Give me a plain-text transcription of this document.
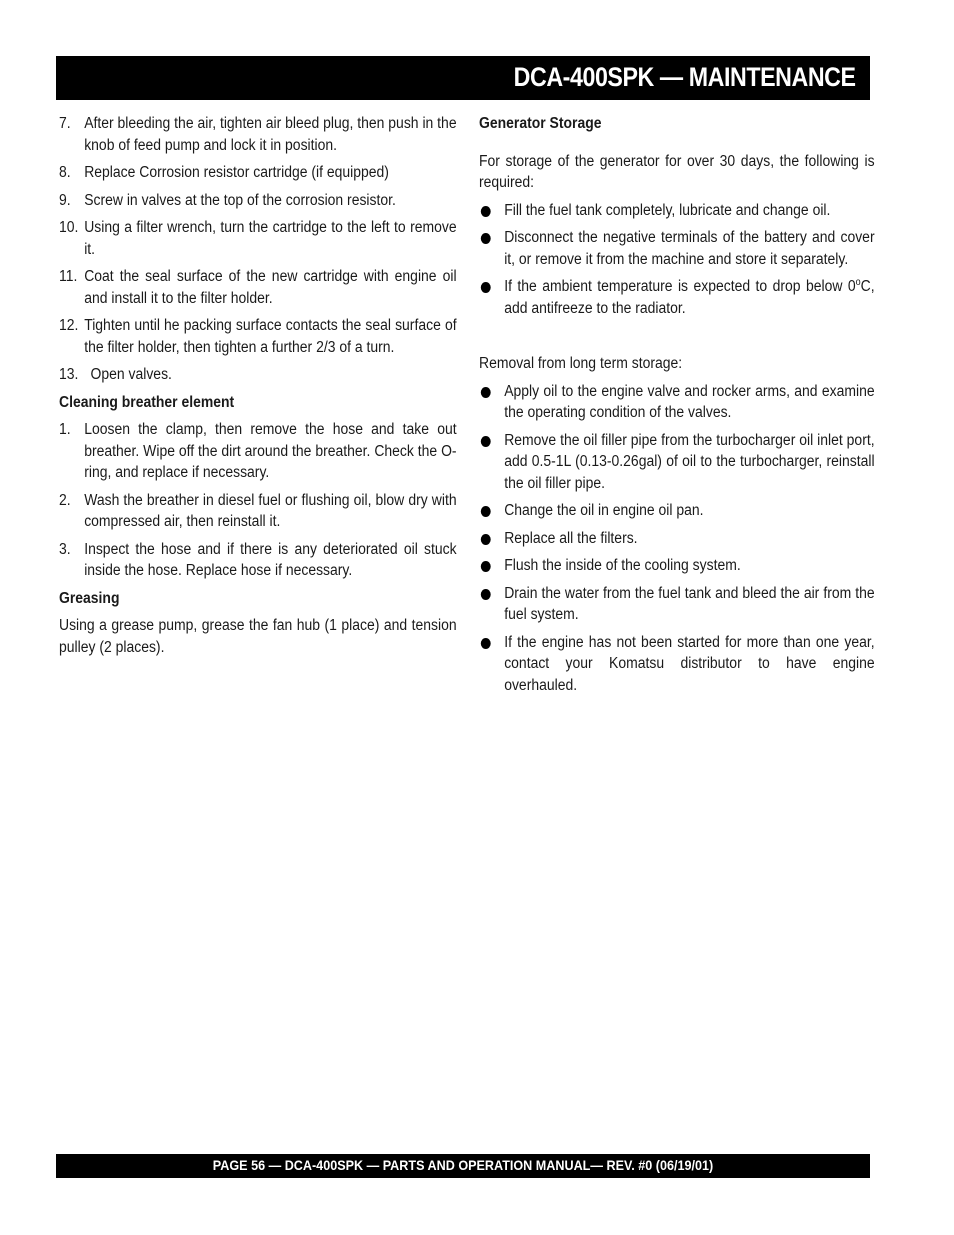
DCA-400SPK — MAINTENANCE
7. After bleeding the air, tighten air bleed plug, then push in the knob of feed pump and lock it in position.
8. Replace Corrosion resistor cartridge (if equipped)
9. Screw in valves at the top of the corrosion resistor.
10. Using a filter wrench, turn the cartridge to the left to remove it.
11. Coat the seal surface of the new cartridge with engine oil and install it to the filter holder.
12. Tighten until he packing surface contacts the seal surface of the filter holder, then tighten a further 2/3 of a turn.
13. Open valves.
Cleaning breather element
1. Loosen the clamp, then remove the hose and take out breather. Wipe off the dirt around the breather. Check the O-ring, and replace if necessary.
2. Wash the breather in diesel fuel or flushing oil, blow dry with compressed air, then reinstall it.
3. Inspect the hose and if there is any deteriorated oil stuck inside the hose. Replace hose if necessary.
Greasing
Using a grease pump, grease the fan hub (1 place) and tension pulley (2 places).
Generator Storage
For storage of the generator for over 30 days, the following is required:
Fill the fuel tank completely, lubricate and change oil.
Disconnect the negative terminals of the battery and cover it, or remove it from the machine and store it separately.
If the ambient temperature is expected to drop below 0$^o$C, add antifreeze to the radiator.
Removal from long term storage:
Apply oil to the engine valve and rocker arms, and examine the operating condition of the valves.
Remove the oil filler pipe from the turbocharger oil inlet port, add 0.5-1L (0.13-0.26gal) of oil to the turbocharger, reinstall the oil filler pipe.
Change the oil in engine oil pan.
Replace all the filters.
Flush the inside of the cooling system.
Drain the water from the fuel tank and bleed the air from the fuel system.
If the engine has not been started for more than one year, contact your Komatsu distributor to have engine overhauled.
PAGE 56 — DCA-400SPK — PARTS AND OPERATION MANUAL— REV. #0 (06/19/01)
